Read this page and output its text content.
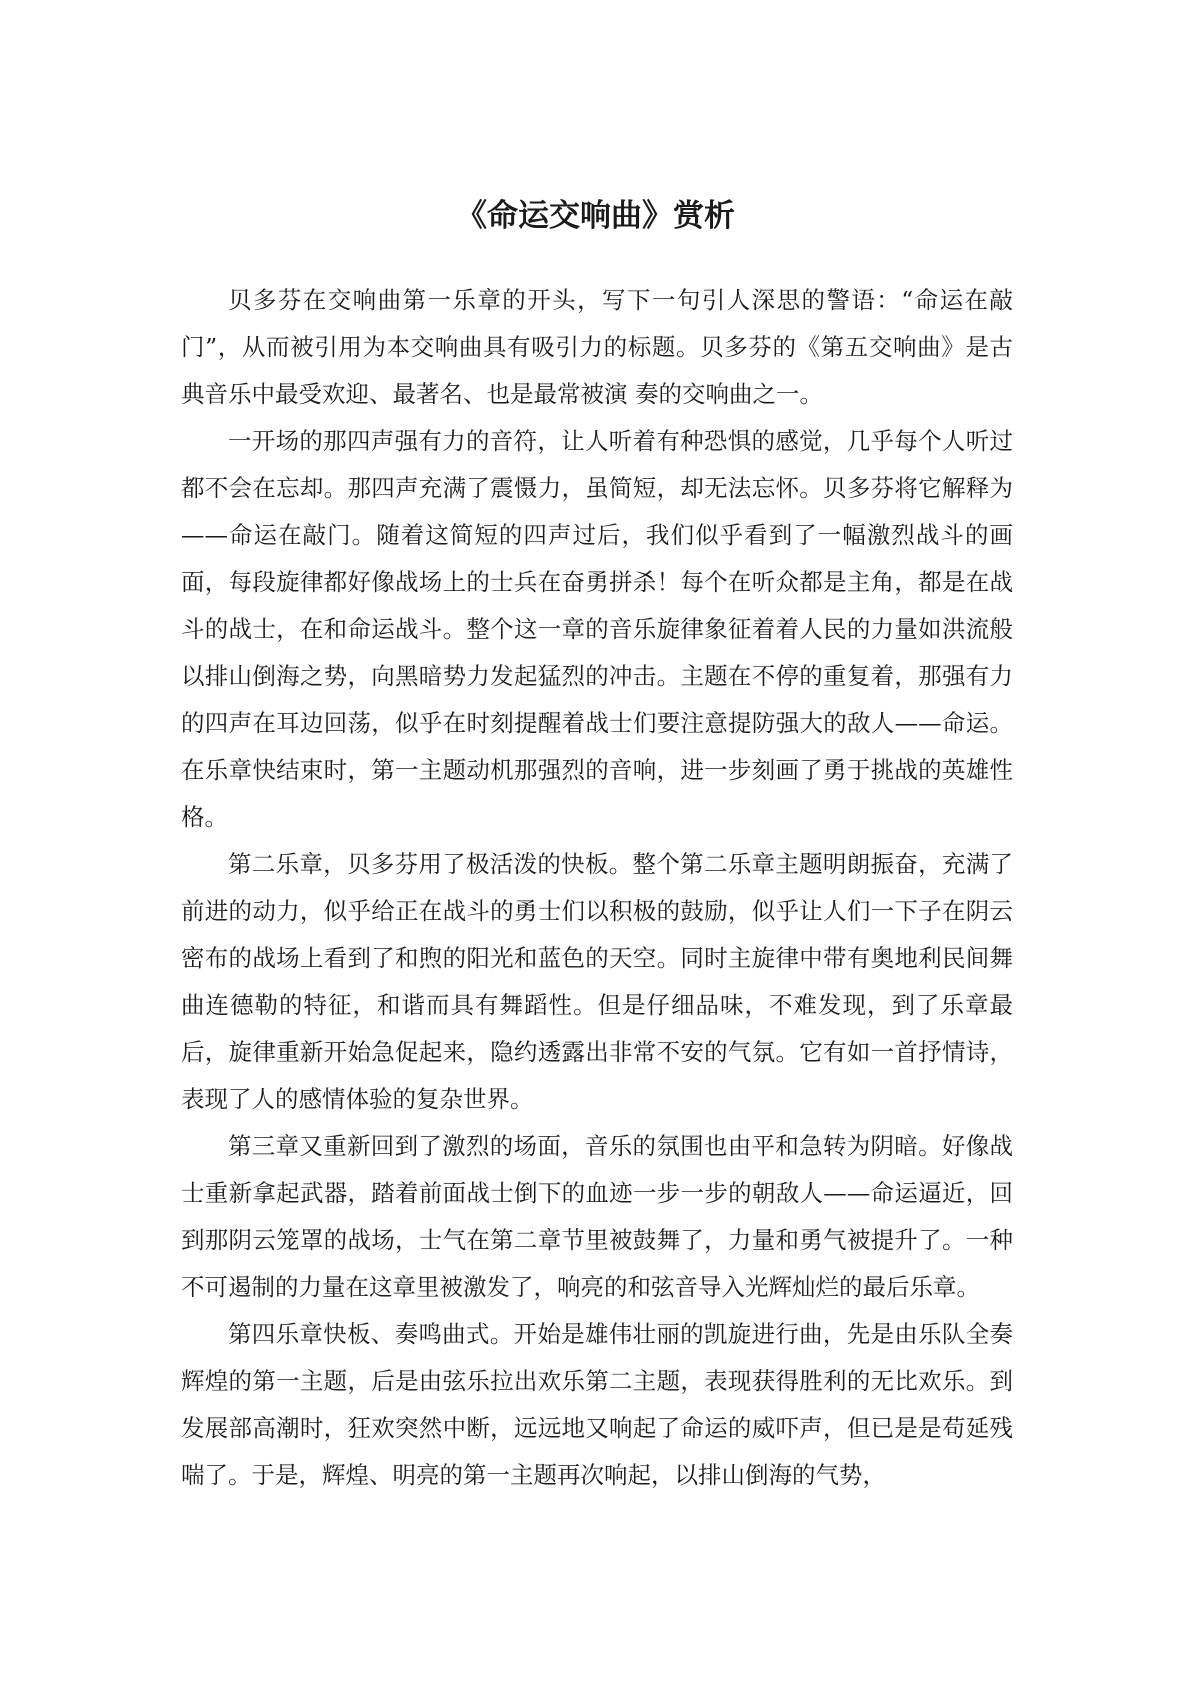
《命运交响曲》赏析

贝多芬在交响曲第一乐章的开头，写下一句引人深思的警语：“命运在敲门”，从而被引用为本交响曲具有吸引力的标题。贝多芬的《第五交响曲》是古典音乐中最受欢迎、最著名、也是最常被演 奏的交响曲之一。

一开场的那四声强有力的音符，让人听着有种恐惧的感觉，几乎每个人听过都不会在忘却。那四声充满了震慑力，虽简短，却无法忘怀。贝多芬将它解释为——命运在敲门。随着这简短的四声过后，我们似乎看到了一幅激烈战斗的画面，每段旋律都好像战场上的士兵在奋勇拼杀！每个在听众都是主角，都是在战斗的战士，在和命运战斗。整个这一章的音乐旋律象征着着人民的力量如洪流般以排山倒海之势，向黑暗势力发起猛烈的冲击。主题在不停的重复着，那强有力的四声在耳边回荡，似乎在时刻提醒着战士们要注意提防强大的敌人——命运。在乐章快结束时，第一主题动机那强烈的音响，进一步刻画了勇于挑战的英雄性格。

第二乐章，贝多芬用了极活泼的快板。整个第二乐章主题明朗振奋，充满了前进的动力，似乎给正在战斗的勇士们以积极的鼓励，似乎让人们一下子在阴云密布的战场上看到了和煦的阳光和蓝色的天空。同时主旋律中带有奥地利民间舞曲连德勒的特征，和谐而具有舞蹈性。但是仔细品味，不难发现，到了乐章最后，旋律重新开始急促起来，隐约透露出非常不安的气氛。它有如一首抒情诗，表现了人的感情体验的复杂世界。

第三章又重新回到了激烈的场面，音乐的氛围也由平和急转为阴暗。好像战士重新拿起武器，踏着前面战士倒下的血迹一步一步的朝敌人——命运逼近，回到那阴云笼罩的战场，士气在第二章节里被鼓舞了，力量和勇气被提升了。一种不可遏制的力量在这章里被激发了，响亮的和弦音导入光辉灿烂的最后乐章。

第四乐章快板、奏鸣曲式。开始是雄伟壮丽的凯旋进行曲，先是由乐队全奏辉煌的第一主题，后是由弦乐拉出欢乐第二主题，表现获得胜利的无比欢乐。到发展部高潮时，狂欢突然中断，远远地又响起了命运的威吓声，但已是是苟延残喘了。于是，辉煌、明亮的第一主题再次响起，以排山倒海的气势，
